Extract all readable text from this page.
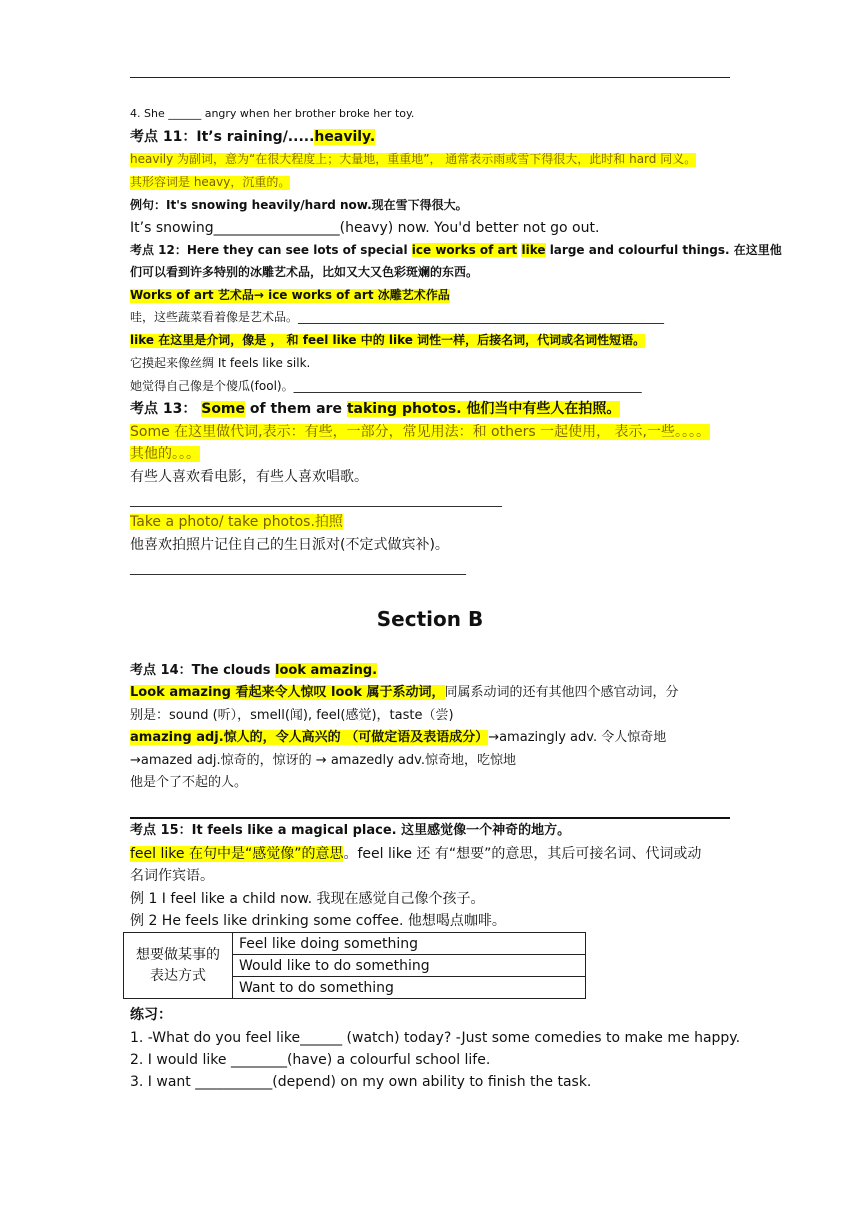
4. She ______ angry when her brother broke her toy.
考点 11：It’s raining/.....heavily.
heavily 为副词，意为“在很大程度上；大量地，重重地”， 通常表示雨或雪下得很大，此时和 hard 同义。
其形容词是 heavy，沉重的。
例句：It's snowing heavily/hard now.现在雪下得很大。
It’s snowing__________________(heavy) now. You'd better not go out.
考点 12：Here they can see lots of special ice works of art like large and colourful things. 在这里他
们可以看到许多特别的冰雕艺术品，比如又大又色彩斑斓的东西。
Works of art 艺术品→ ice works of art 冰雕艺术作品
哇，这些蔬菜看着像是艺术品。_____________________________________________________________
like 在这里是介词，像是 ， 和 feel like 中的 like 词性一样，后接名词，代词或名词性短语。
它摸起来像丝绸 It feels like silk.
她觉得自己像是个傻瓜(fool)。__________________________________________________________
考点 13： Some of them are taking photos. 他们当中有些人在拍照。
Some 在这里做代词,表示：有些，一部分，常见用法：和 others 一起使用， 表示,一些。。。。
其他的。。。
有些人喜欢看电影，有些人喜欢唱歌。
______________________________________________________________
Take a photo/ take photos.拍照
他喜欢拍照片记住自己的生日派对(不定式做宾补)。
________________________________________________________
Section B
考点 14：The clouds look amazing.
Look amazing 看起来令人惊叹 look 属于系动词，同属系动词的还有其他四个感官动词，分
别是：sound (听），smell(闻), feel(感觉)，taste（尝)
amazing adj.惊人的，令人高兴的 （可做定语及表语成分）→amazingly adv. 令人惊奇地
→amazed adj.惊奇的，惊讶的 → amazedly adv.惊奇地，吃惊地
他是个了不起的人。
考点 15：It feels like a magical place. 这里感觉像一个神奇的地方。
feel like 在句中是“感觉像”的意思。feel like 还 有“想要”的意思，其后可接名词、代词或动
名词作宾语。
例 1 I feel like a child now. 我现在感觉自己像个孩子。
例 2 He feels like drinking some coffee. 他想喝点咖啡。
想要做某事的
表达方式	Feel like doing something
Would like to do something
Want to do something
练习：
1. -What do you feel like______ (watch) today? -Just some comedies to make me happy.
2. I would like ________(have) a colourful school life.
3. I want ___________(depend) on my own ability to finish the task.
